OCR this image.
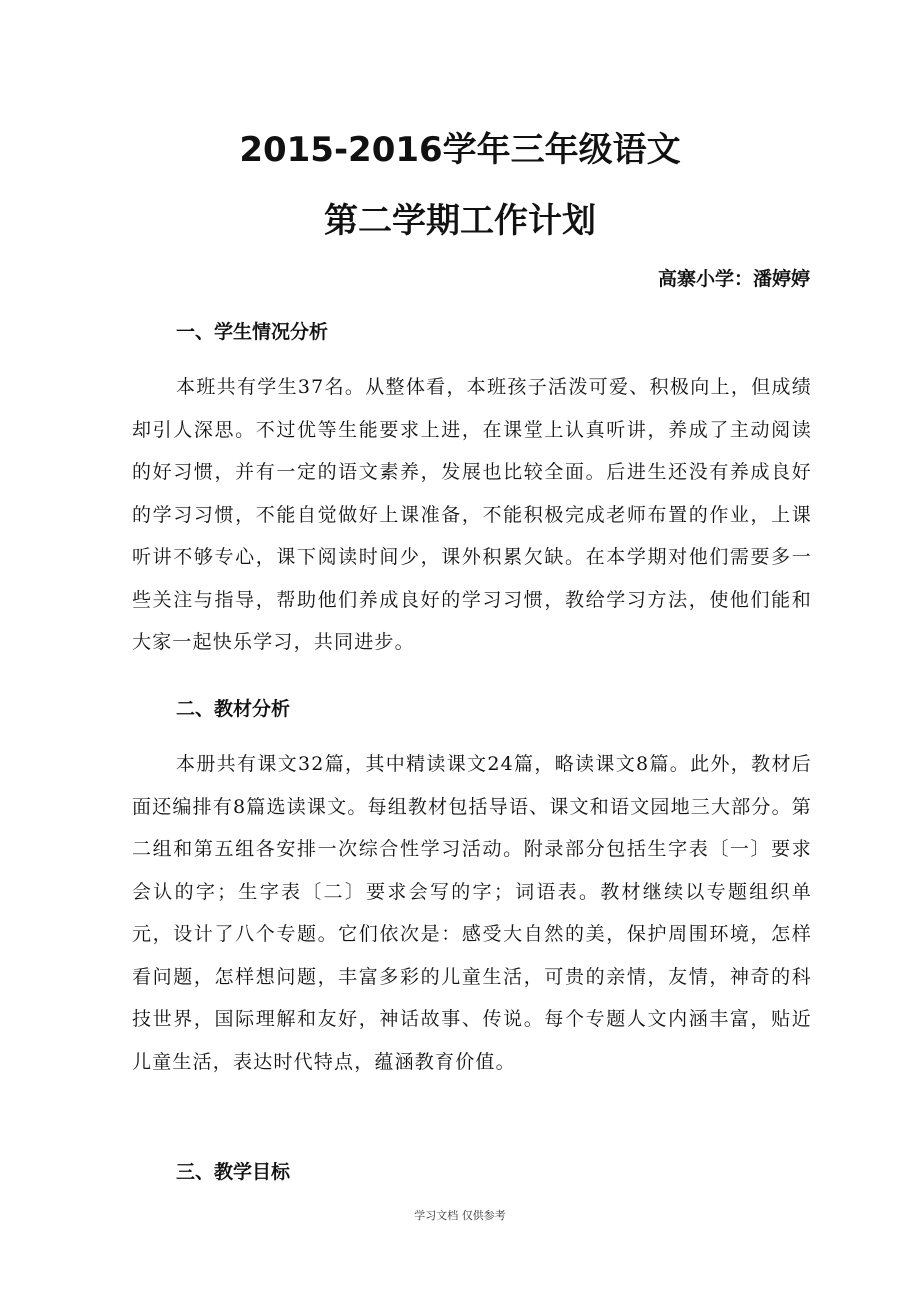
2015-2016学年三年级语文
第二学期工作计划
高寨小学：潘婷婷
一、学生情况分析

本班共有学生37名。从整体看，本班孩子活泼可爱、积极向上，但成绩却引人深思。不过优等生能要求上进，在课堂上认真听讲，养成了主动阅读的好习惯，并有一定的语文素养，发展也比较全面。后进生还没有养成良好的学习习惯，不能自觉做好上课准备，不能积极完成老师布置的作业，上课听讲不够专心，课下阅读时间少，课外积累欠缺。在本学期对他们需要多一些关注与指导，帮助他们养成良好的学习习惯，教给学习方法，使他们能和大家一起快乐学习，共同进步。

二、教材分析

本册共有课文32篇，其中精读课文24篇，略读课文8篇。此外，教材后面还编排有8篇选读课文。每组教材包括导语、课文和语文园地三大部分。第二组和第五组各安排一次综合性学习活动。附录部分包括生字表〔一〕要求会认的字；生字表〔二〕要求会写的字；词语表。教材继续以专题组织单元，设计了八个专题。它们依次是：感受大自然的美，保护周围环境，怎样看问题，怎样想问题，丰富多彩的儿童生活，可贵的亲情，友情，神奇的科技世界，国际理解和友好，神话故事、传说。每个专题人文内涵丰富，贴近儿童生活，表达时代特点，蕴涵教育价值。

三、教学目标
学习文档 仅供参考
